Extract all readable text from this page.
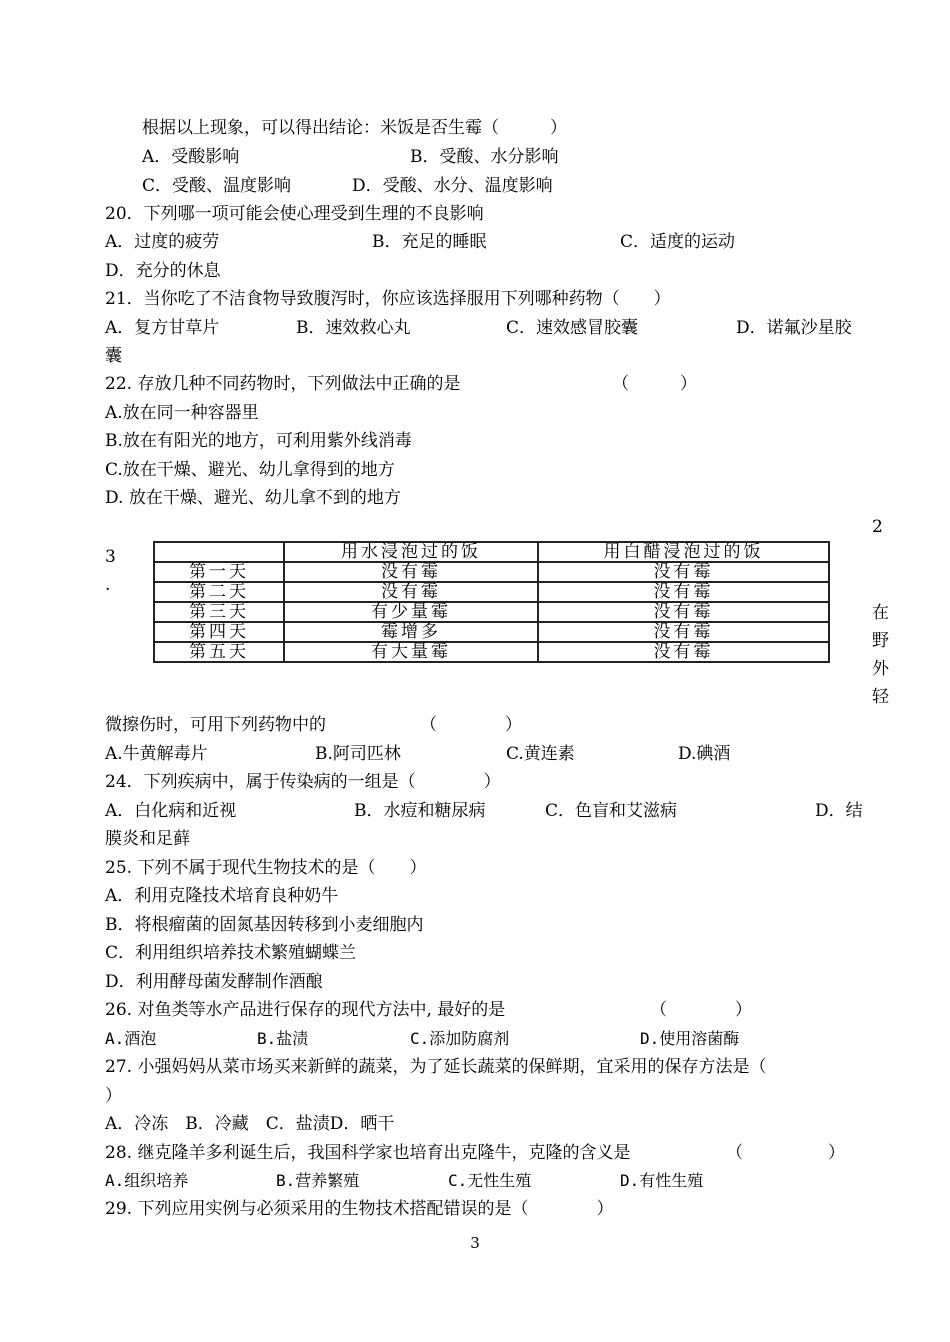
根据以上现象，可以得出结论：米饭是否生霉（　　　）
A．受酸影响	B．受酸、水分影响
C．受酸、温度影响	D．受酸、水分、温度影响
20．下列哪一项可能会使心理受到生理的不良影响
A．过度的疲劳	B．充足的睡眠	C．适度的运动
D．充分的休息
21．当你吃了不洁食物导致腹泻时，你应该选择服用下列哪种药物（　　）
A．复方甘草片	B．速效救心丸	C．速效感冒胶囊	D．诺氟沙星胶
囊
22. 存放几种不同药物时，下列做法中正确的是	（　　　）
A.放在同一种容器里
B.放在有阳光的地方，可利用紫外线消毒
C.放在干燥、避光、幼儿拿得到的地方
D. 放在干燥、避光、幼儿拿不到的地方
2
3
.
在
野
外
轻
	用水浸泡过的饭	用白醋浸泡过的饭
第一天	没有霉	没有霉
第二天	没有霉	没有霉
第三天	有少量霉	没有霉
第四天	霉增多	没有霉
第五天	有大量霉	没有霉
微擦伤时，可用下列药物中的	（　　　　）
A.牛黄解毒片	B.阿司匹林	C.黄连素	D.碘酒
24．下列疾病中，属于传染病的一组是（　　　　）
A．白化病和近视	B．水痘和糖尿病	C．色盲和艾滋病	D．结
膜炎和足藓
25. 下列不属于现代生物技术的是（　　）
A．利用克隆技术培育良种奶牛
B．将根瘤菌的固氮基因转移到小麦细胞内
C．利用组织培养技术繁殖蝴蝶兰
D．利用酵母菌发酵制作酒酿
26. 对鱼类等水产品进行保存的现代方法中, 最好的是	（　　　　）
A.酒泡	B.盐渍	C.添加防腐剂	D.使用溶菌酶
27. 小强妈妈从菜市场买来新鲜的蔬菜，为了延长蔬菜的保鲜期，宜采用的保存方法是（
）
A．冷冻　B．冷藏　C．盐渍D．晒干
28. 继克隆羊多利诞生后，我国科学家也培育出克隆牛，克隆的含义是	（　　　　　）
A.组织培养	B.营养繁殖	C.无性生殖	D.有性生殖
29. 下列应用实例与必须采用的生物技术搭配错误的是（　　　　）
3
